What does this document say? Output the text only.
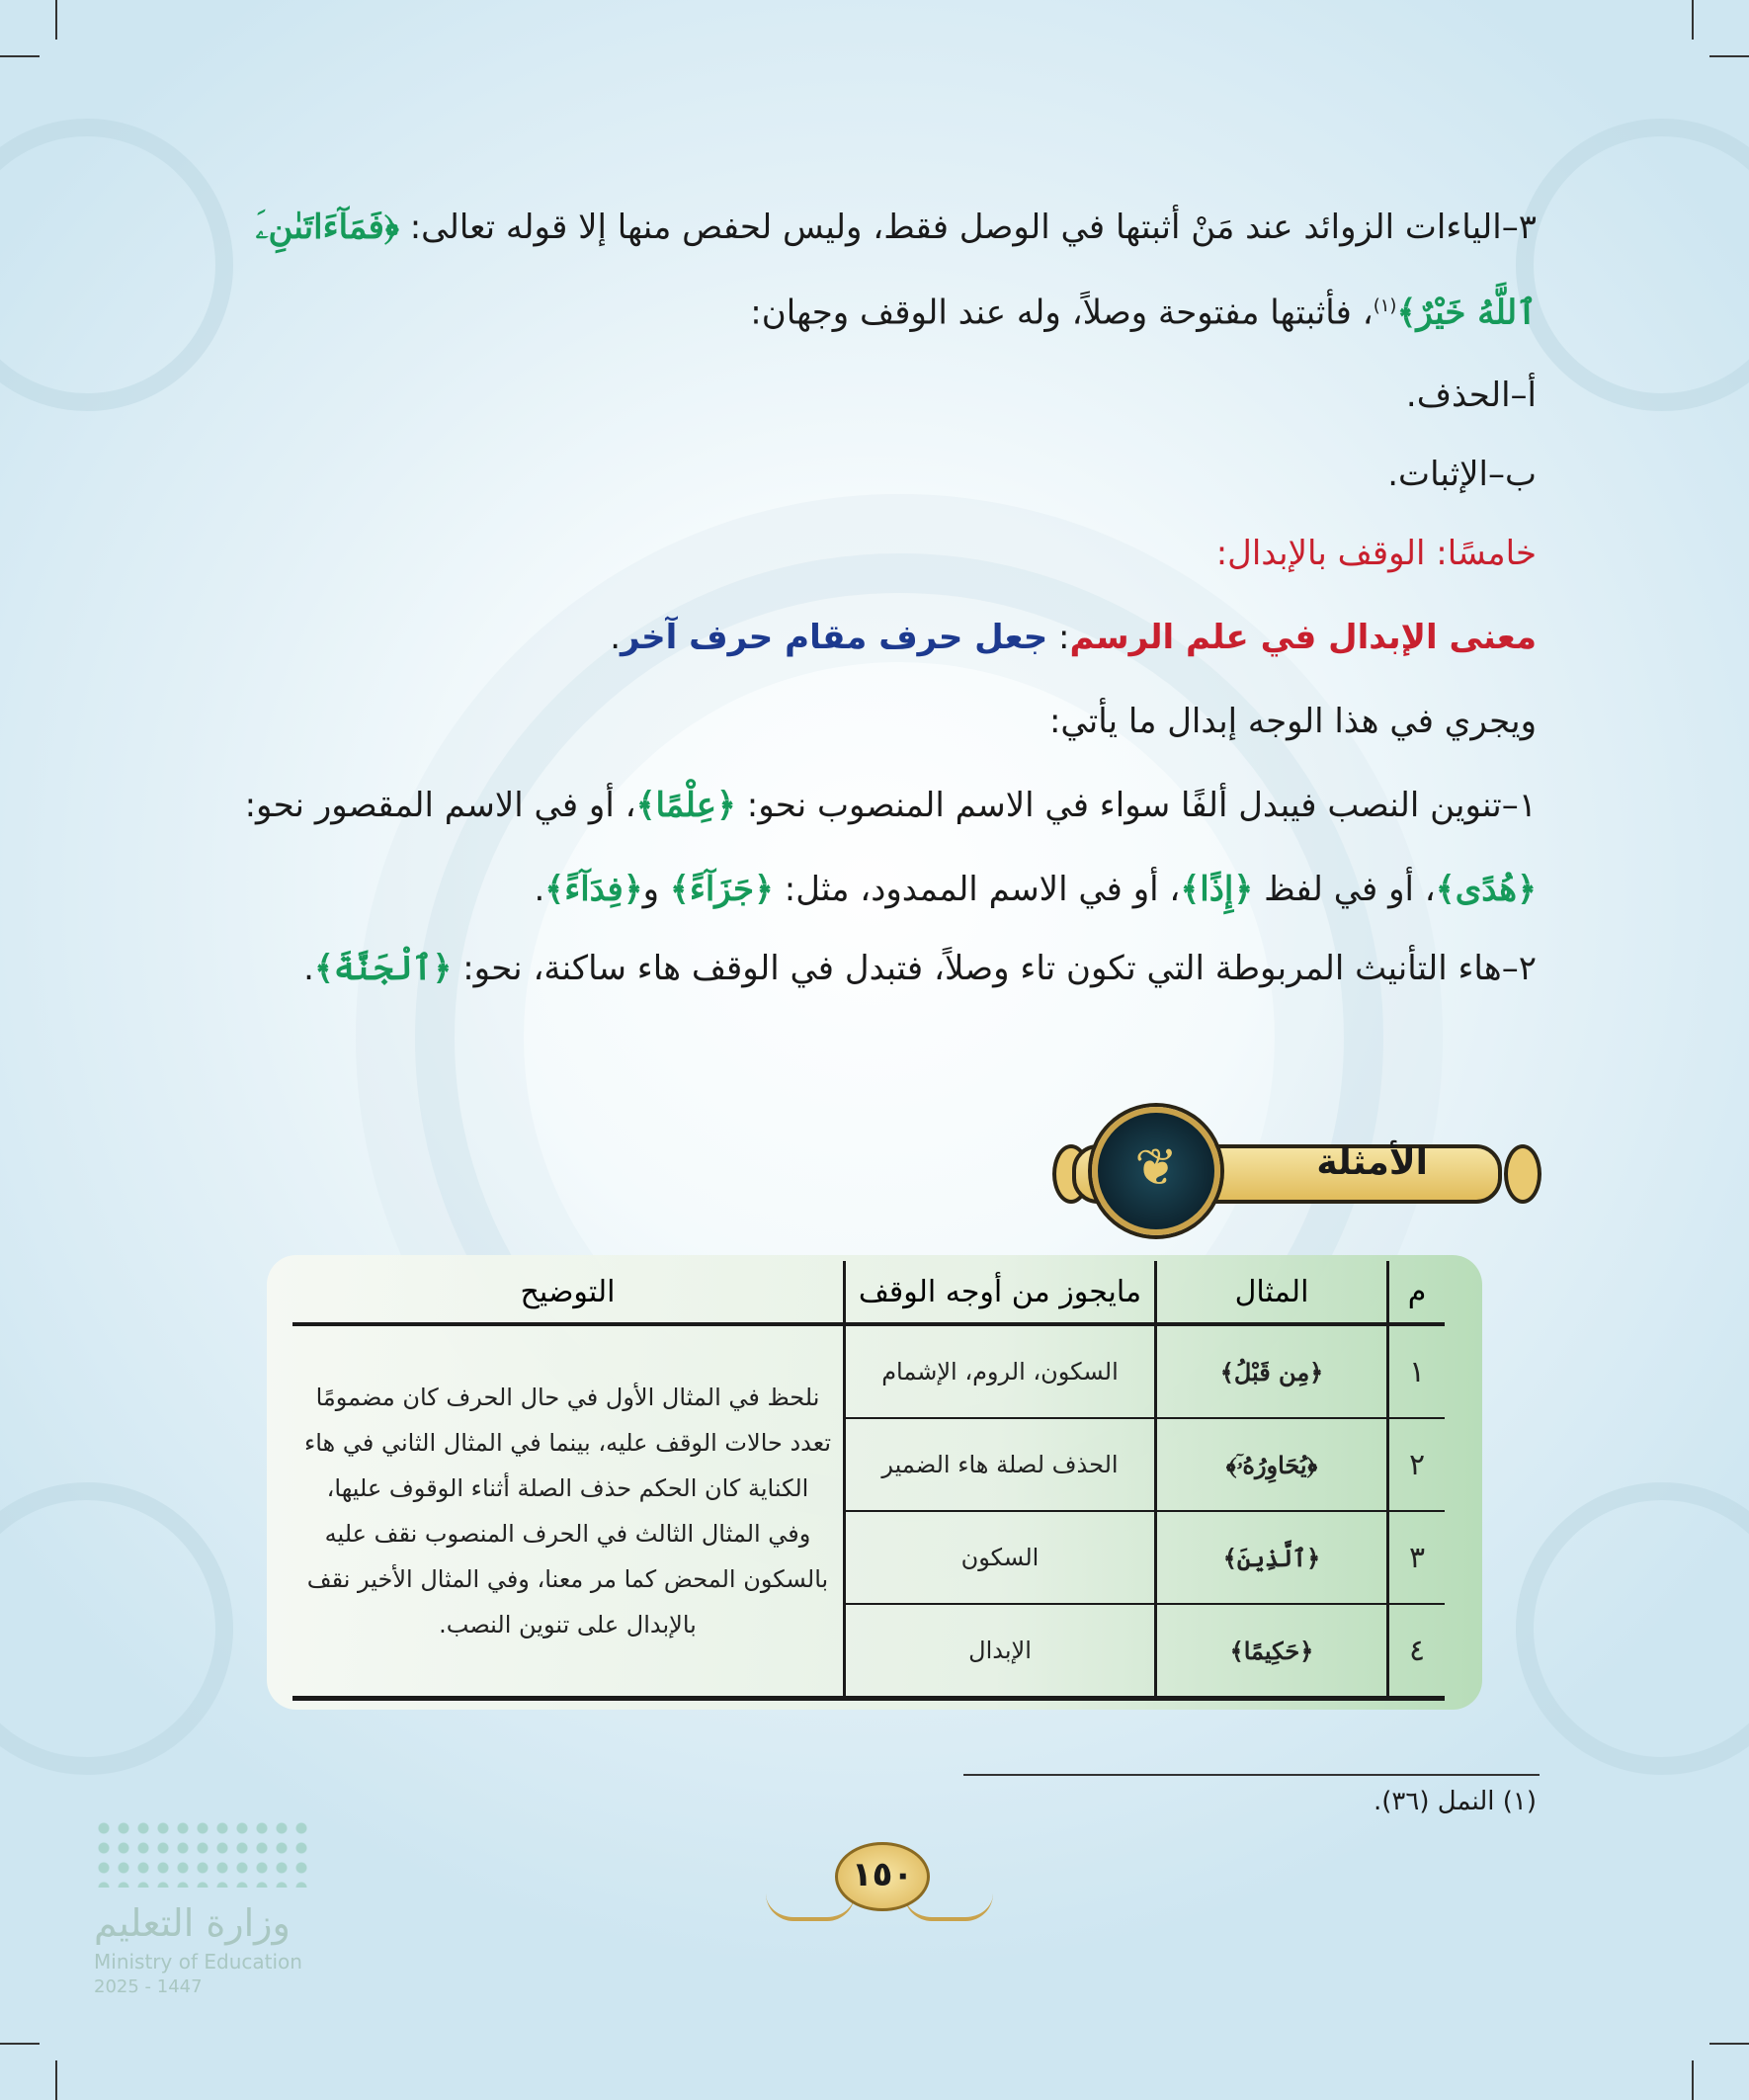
٣–الياءات الزوائد عند مَنْ أثبتها في الوصل فقط، وليس لحفص منها إلا قوله تعالى: ﴿فَمَآءَاتَىٰنِۦَ
ٱللَّهُ خَيْرٌ﴾$^{(١)}$، فأثبتها مفتوحة وصلاً، وله عند الوقف وجهان:
أ–الحذف.
ب–الإثبات.
خامسًا: الوقف بالإبدال:
معنى الإبدال في علم الرسم: جعل حرف مقام حرف آخر.
ويجري في هذا الوجه إبدال ما يأتي:
١–تنوين النصب فيبدل ألفًا سواء في الاسم المنصوب نحو: ﴿عِلْمًا﴾، أو في الاسم المقصور نحو:
﴿هُدًى﴾، أو في لفظ ﴿إِذًا﴾، أو في الاسم الممدود، مثل: ﴿جَزَآءً﴾ و﴿فِدَآءً﴾.
٢–هاء التأنيث المربوطة التي تكون تاء وصلاً، فتبدل في الوقف هاء ساكنة، نحو: ﴿ٱلْجَنَّةَ﴾.
الأمثلة
❦
م	المثال	مايجوز من أوجه الوقف	التوضيح
١	﴿مِن قَبْلُ﴾	السكون، الروم، الإشمام	نلحظ في المثال الأول في حال الحرف كان مضمومًا تعدد حالات الوقف عليه، بينما في المثال الثاني في هاء الكناية كان الحكم حذف الصلة أثناء الوقوف عليها، وفي المثال الثالث في الحرف المنصوب نقف عليه بالسكون المحض كما مر معنا، وفي المثال الأخير نقف بالإبدال على تنوين النصب.
٢	﴿يُحَاوِرُهُۥٓ﴾	الحذف لصلة هاء الضمير	
٣	﴿ٱلَّذِينَ﴾	السكون	
٤	﴿حَكِيمًا﴾	الإبدال	
(١) النمل (٣٦).
١٥٠
وزارة التعليم
Ministry of Education
2025 - 1447
